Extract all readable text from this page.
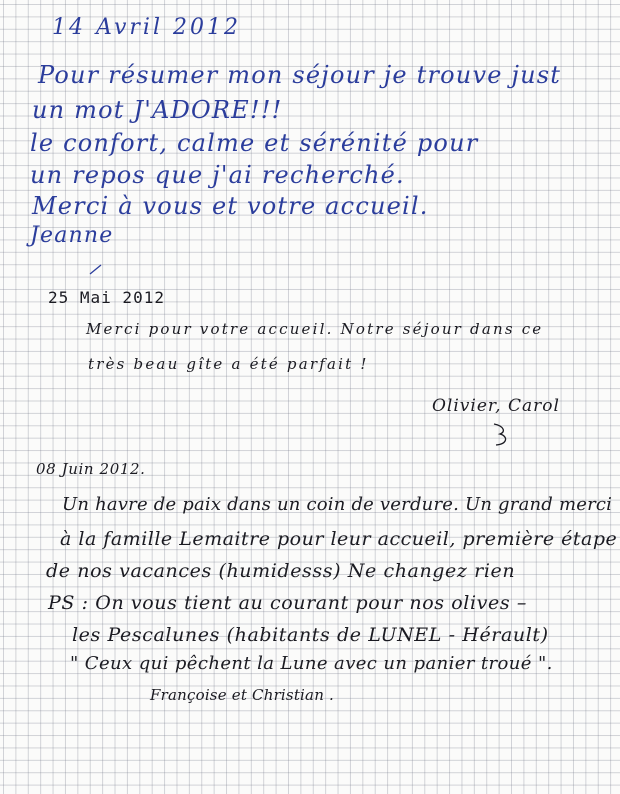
14 Avril 2012
Pour résumer mon séjour je trouve just
un mot J'ADORE!!!
le confort, calme et sérénité pour
un repos que j'ai recherché.
Merci à vous et votre accueil.
Jeanne
25 Mai 2012
Merci pour votre accueil. Notre séjour dans ce
très beau gîte a été parfait !
Olivier, Carol
08 Juin 2012.
Un havre de paix dans un coin de verdure. Un grand merci
à la famille Lemaitre pour leur accueil, première étape
de nos vacances (humidesss) Ne changez rien
PS : On vous tient au courant pour nos olives –
les Pescalunes (habitants de LUNEL - Hérault)
" Ceux qui pêchent la Lune avec un panier troué ".
Françoise et Christian .
